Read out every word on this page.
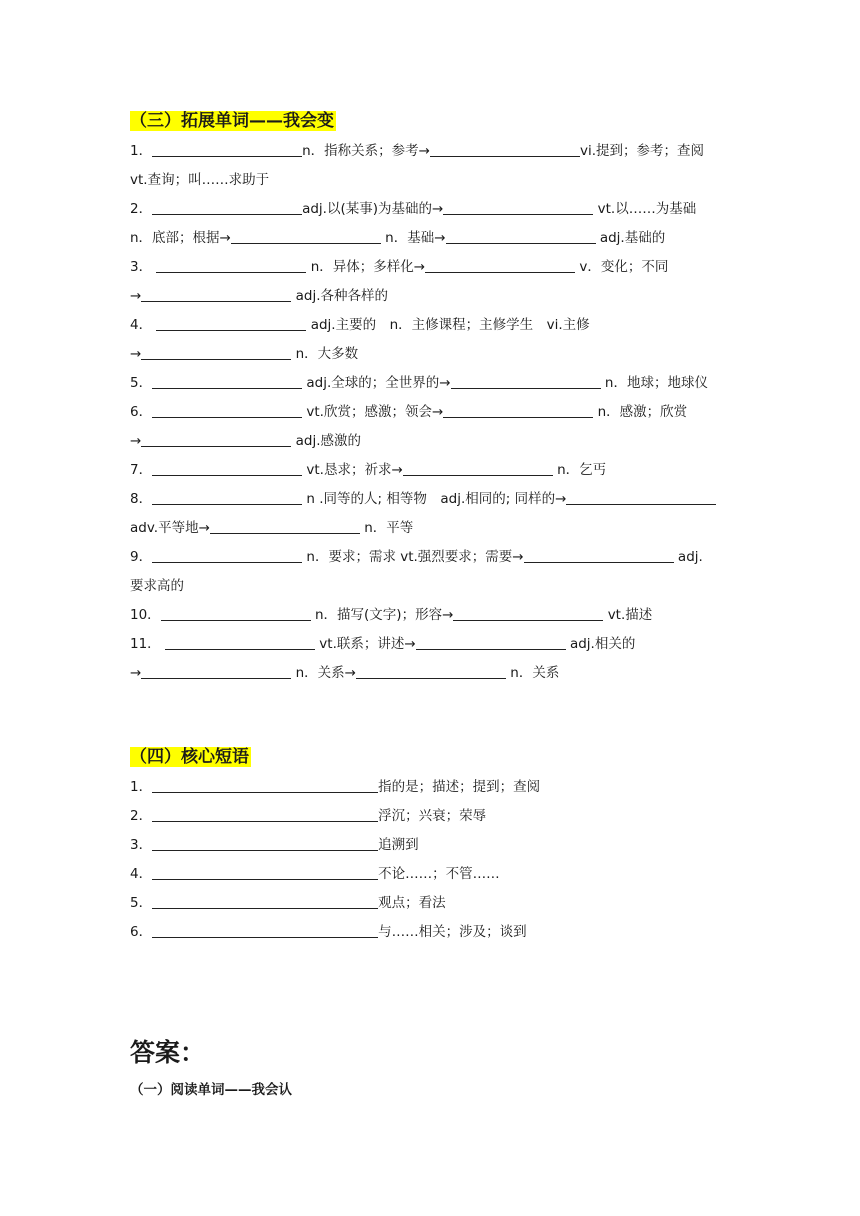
（三）拓展单词——我会变
1．	n．指称关系；参考→	vi.提到；参考；查阅
vt.查询；叫……求助于
2．	adj.以(某事)为基础的→	vt.以……为基础
n．底部；根据→	n．基础→	adj.基础的
3．	n．异体；多样化→	v．变化；不同
→	adj.各种各样的
4．	adj.主要的　n．主修课程；主修学生　vi.主修
→	n．大多数
5．	adj.全球的；全世界的→	n．地球；地球仪
6．	vt.欣赏；感激；领会→	n．感激；欣赏
→	adj.感激的
7．	vt.恳求；祈求→	n．乞丐
8．	n .同等的人; 相等物　adj.相同的; 同样的→
adv.平等地→	n．平等
9．	n．要求；需求 vt.强烈要求；需要→	adj.
要求高的
10．	n．描写(文字)；形容→	vt.描述
11．	vt.联系；讲述→	adj.相关的
→	n．关系→	n．关系
（四）核心短语
1．	指的是；描述；提到；查阅
2．	浮沉；兴衰；荣辱
3．	追溯到
4．	不论……；不管……
5．	观点；看法
6．	与……相关；涉及；谈到
答案：
（一）阅读单词——我会认
